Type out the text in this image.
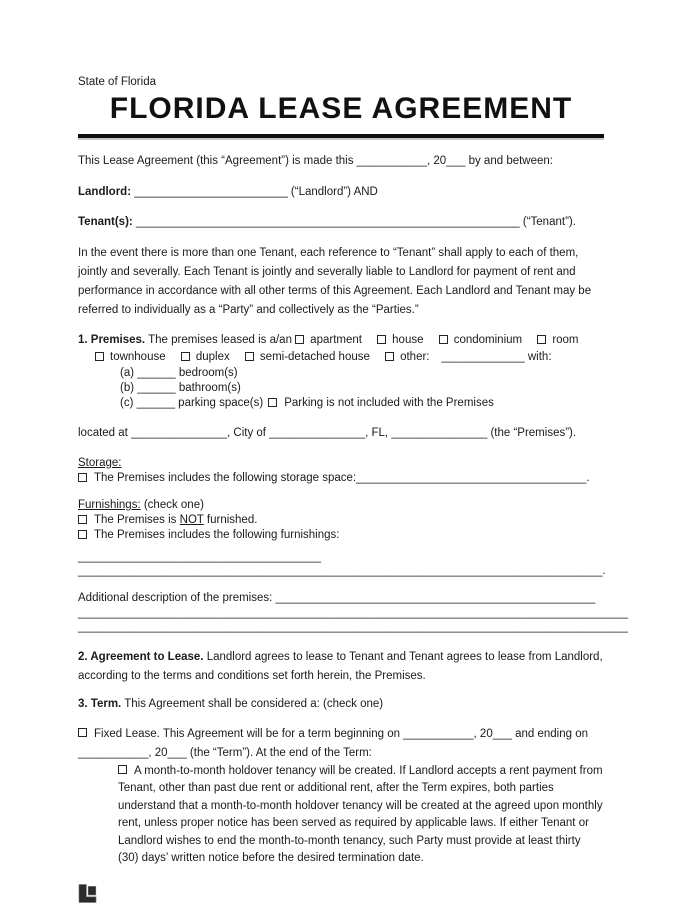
State of Florida
FLORIDA LEASE AGREEMENT

This Lease Agreement (this “Agreement”) is made this ___________, 20___ by and between:

Landlord: ________________________ (“Landlord”) AND

Tenant(s): ____________________________________________________________ (“Tenant”).

In the event there is more than one Tenant, each reference to “Tenant” shall apply to each of them, jointly and severally. Each Tenant is jointly and severally liable to Landlord for payment of rent and performance in accordance with all other terms of this Agreement. Each Landlord and Tenant may be referred to individually as a “Party” and collectively as the “Parties.”

1. Premises. The premises leased is a/an apartment	house	condominium	room
townhouse	duplex	semi-detached house	other: _____________ with:
(a) ______ bedroom(s)
(b) ______ bathroom(s)
(c) ______ parking space(s) Parking is not included with the Premises

located at _______________, City of _______________, FL, _______________ (the “Premises”).

Storage:
The Premises includes the following storage space:____________________________________.
Furnishings: (check one)
The Premises is NOT furnished.
The Premises includes the following furnishings:
______________________________________
__________________________________________________________________________________.
Additional description of the premises: __________________________________________________
______________________________________________________________________________________
______________________________________________________________________________________

2. Agreement to Lease. Landlord agrees to lease to Tenant and Tenant agrees to lease from Landlord, according to the terms and conditions set forth herein, the Premises.

3. Term. This Agreement shall be considered a: (check one)

Fixed Lease. This Agreement will be for a term beginning on ___________, 20___ and ending on ___________, 20___ (the “Term”). At the end of the Term:

A month-to-month holdover tenancy will be created. If Landlord accepts a rent payment from Tenant, other than past due rent or additional rent, after the Term expires, both parties understand that a month-to-month holdover tenancy will be created at the agreed upon monthly rent, unless proper notice has been served as required by applicable laws. If either Tenant or Landlord wishes to end the month-to-month tenancy, such Party must provide at least thirty (30) days’ written notice before the desired termination date.
